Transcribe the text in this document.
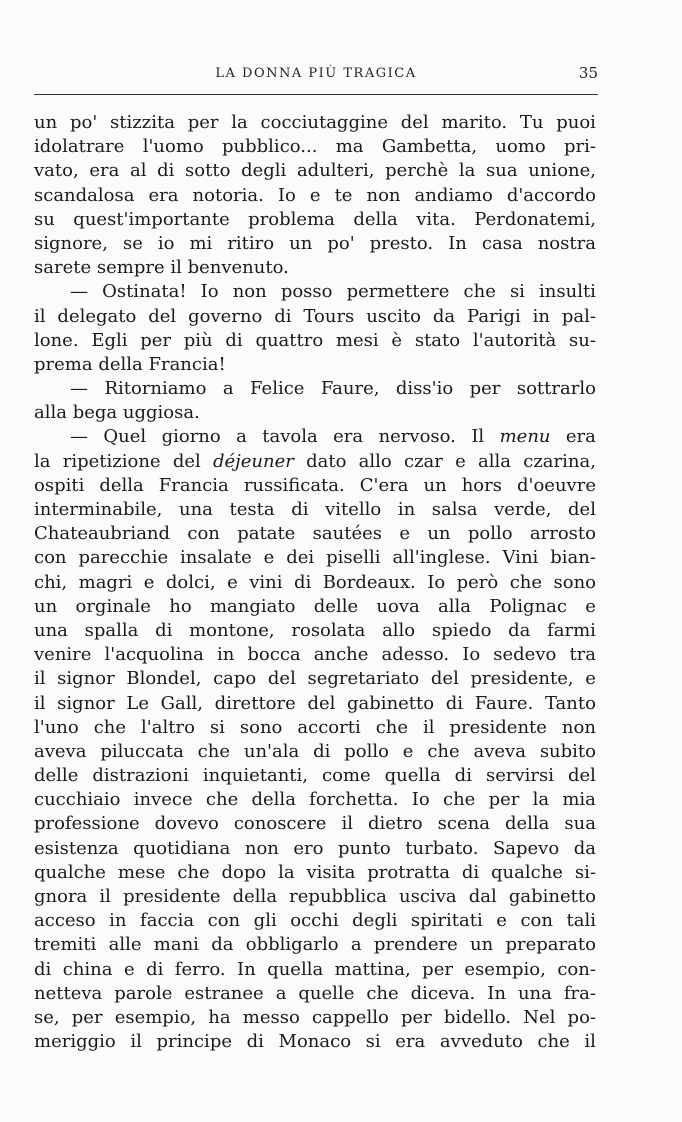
LA DONNA PIÙ TRAGICA	35
un po' stizzita per la cocciutaggine del marito. Tu puoi
idolatrare l'uomo pubblico... ma Gambetta, uomo pri-
vato, era al di sotto degli adulteri, perchè la sua unione,
scandalosa era notoria. Io e te non andiamo d'accordo
su quest'importante problema della vita. Perdonatemi,
signore, se io mi ritiro un po' presto. In casa nostra
sarete sempre il benvenuto.
— Ostinata! Io non posso permettere che si insulti
il delegato del governo di Tours uscito da Parigi in pal-
lone. Egli per più di quattro mesi è stato l'autorità su-
prema della Francia!
— Ritorniamo a Felice Faure, diss'io per sottrarlo
alla bega uggiosa.
— Quel giorno a tavola era nervoso. Il menu era
la ripetizione del déjeuner dato allo czar e alla czarina,
ospiti della Francia russificata. C'era un hors d'oeuvre
interminabile, una testa di vitello in salsa verde, del
Chateaubriand con patate sautées e un pollo arrosto
con parecchie insalate e dei piselli all'inglese. Vini bian-
chi, magri e dolci, e vini di Bordeaux. Io però che sono
un orginale ho mangiato delle uova alla Polignac e
una spalla di montone, rosolata allo spiedo da farmi
venire l'acquolina in bocca anche adesso. Io sedevo tra
il signor Blondel, capo del segretariato del presidente, e
il signor Le Gall, direttore del gabinetto di Faure. Tanto
l'uno che l'altro si sono accorti che il presidente non
aveva piluccata che un'ala di pollo e che aveva subito
delle distrazioni inquietanti, come quella di servirsi del
cucchiaio invece che della forchetta. Io che per la mia
professione dovevo conoscere il dietro scena della sua
esistenza quotidiana non ero punto turbato. Sapevo da
qualche mese che dopo la visita protratta di qualche si-
gnora il presidente della repubblica usciva dal gabinetto
acceso in faccia con gli occhi degli spiritati e con tali
tremiti alle mani da obbligarlo a prendere un preparato
di china e di ferro. In quella mattina, per esempio, con-
netteva parole estranee a quelle che diceva. In una fra-
se, per esempio, ha messo cappello per bidello. Nel po-
meriggio il principe di Monaco si era avveduto che il
